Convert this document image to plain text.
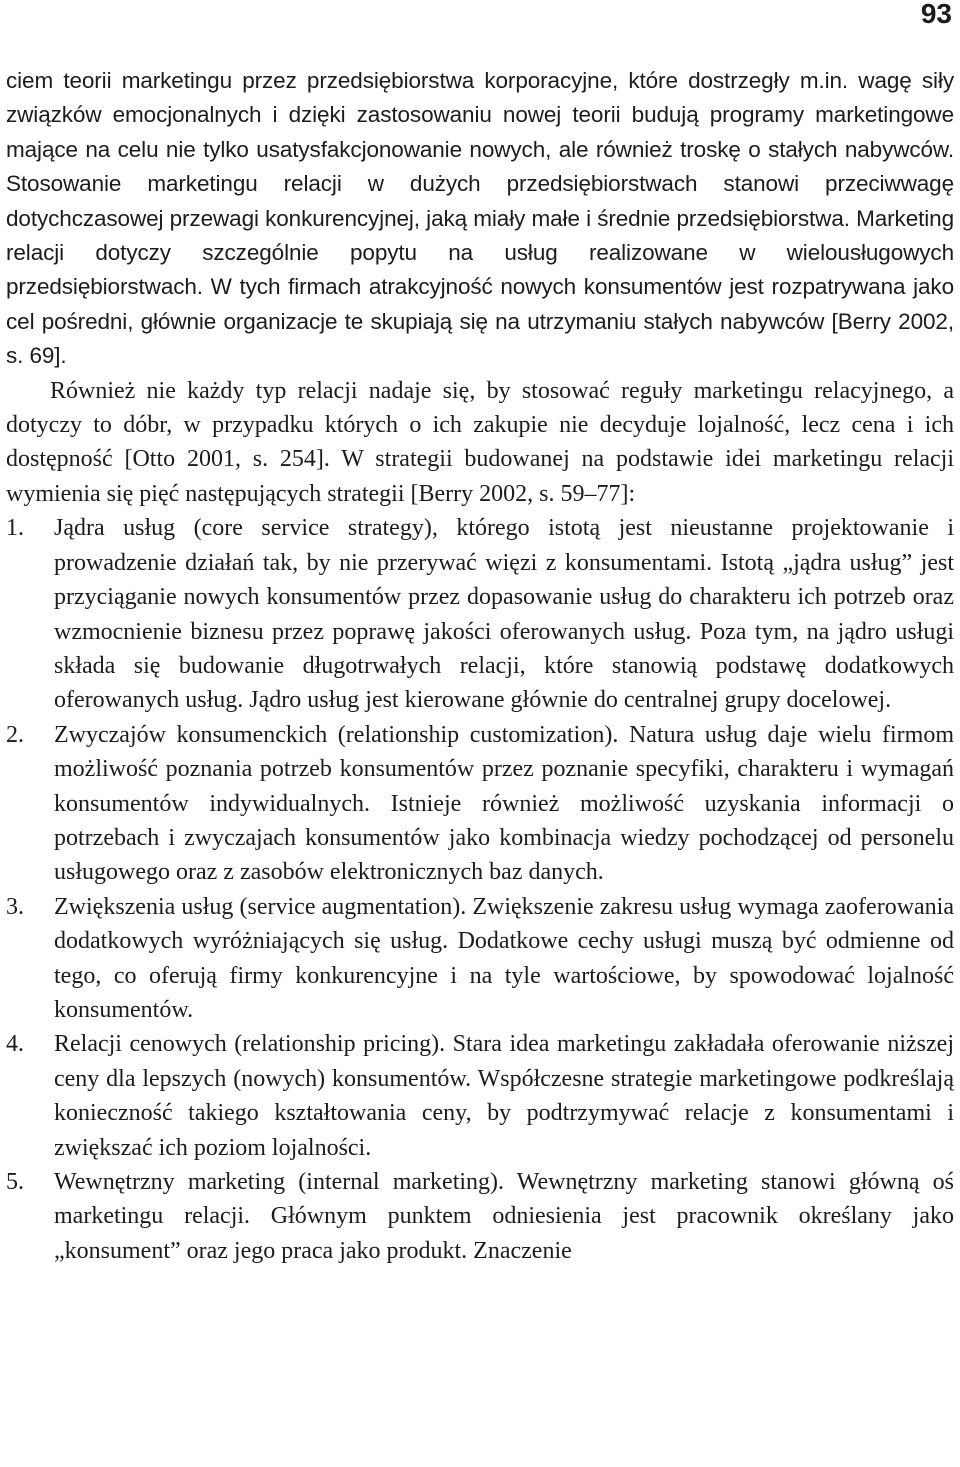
93

ciem teorii marketingu przez przedsiębiorstwa korporacyjne, które dostrzegły m.in. wagę siły związków emocjonalnych i dzięki zastosowaniu nowej teorii budują programy marketingowe mające na celu nie tylko usatysfakcjonowanie nowych, ale również troskę o stałych nabywców. Stosowanie marketingu relacji w dużych przedsiębiorstwach stanowi przeciwwagę dotychczasowej przewagi konkurencyjnej, jaką miały małe i średnie przedsiębiorstwa. Marketing relacji dotyczy szczególnie popytu na usług realizowane w wielousługowych przedsiębiorstwach. W tych firmach atrakcyjność nowych konsumentów jest rozpatrywana jako cel pośredni, głównie organizacje te skupiają się na utrzymaniu stałych nabywców [Berry 2002, s. 69].

Również nie każdy typ relacji nadaje się, by stosować reguły marketingu relacyjnego, a dotyczy to dóbr, w przypadku których o ich zakupie nie decyduje lojalność, lecz cena i ich dostępność [Otto 2001, s. 254]. W strategii budowanej na podstawie idei marketingu relacji wymienia się pięć następujących strategii [Berry 2002, s. 59–77]:

1. Jądra usług (core service strategy), którego istotą jest nieustanne projektowanie i prowadzenie działań tak, by nie przerywać więzi z konsumentami. Istotą „jądra usług” jest przyciąganie nowych konsumentów przez dopasowanie usług do charakteru ich potrzeb oraz wzmocnienie biznesu przez poprawę jakości oferowanych usług. Poza tym, na jądro usługi składa się budowanie długotrwałych relacji, które stanowią podstawę dodatkowych oferowanych usług. Jądro usług jest kierowane głównie do centralnej grupy docelowej.
2. Zwyczajów konsumenckich (relationship customization). Natura usług daje wielu firmom możliwość poznania potrzeb konsumentów przez poznanie specyfiki, charakteru i wymagań konsumentów indywidualnych. Istnieje również możliwość uzyskania informacji o potrzebach i zwyczajach konsumentów jako kombinacja wiedzy pochodzącej od personelu usługowego oraz z zasobów elektronicznych baz danych.
3. Zwiększenia usług (service augmentation). Zwiększenie zakresu usług wymaga zaoferowania dodatkowych wyróżniających się usług. Dodatkowe cechy usługi muszą być odmienne od tego, co oferują firmy konkurencyjne i na tyle wartościowe, by spowodować lojalność konsumentów.
4. Relacji cenowych (relationship pricing). Stara idea marketingu zakładała oferowanie niższej ceny dla lepszych (nowych) konsumentów. Współczesne strategie marketingowe podkreślają konieczność takiego kształtowania ceny, by podtrzymywać relacje z konsumentami i zwiększać ich poziom lojalności.
5. Wewnętrzny marketing (internal marketing). Wewnętrzny marketing stanowi główną oś marketingu relacji. Głównym punktem odniesienia jest pracownik określany jako „konsument” oraz jego praca jako produkt. Znaczenie
